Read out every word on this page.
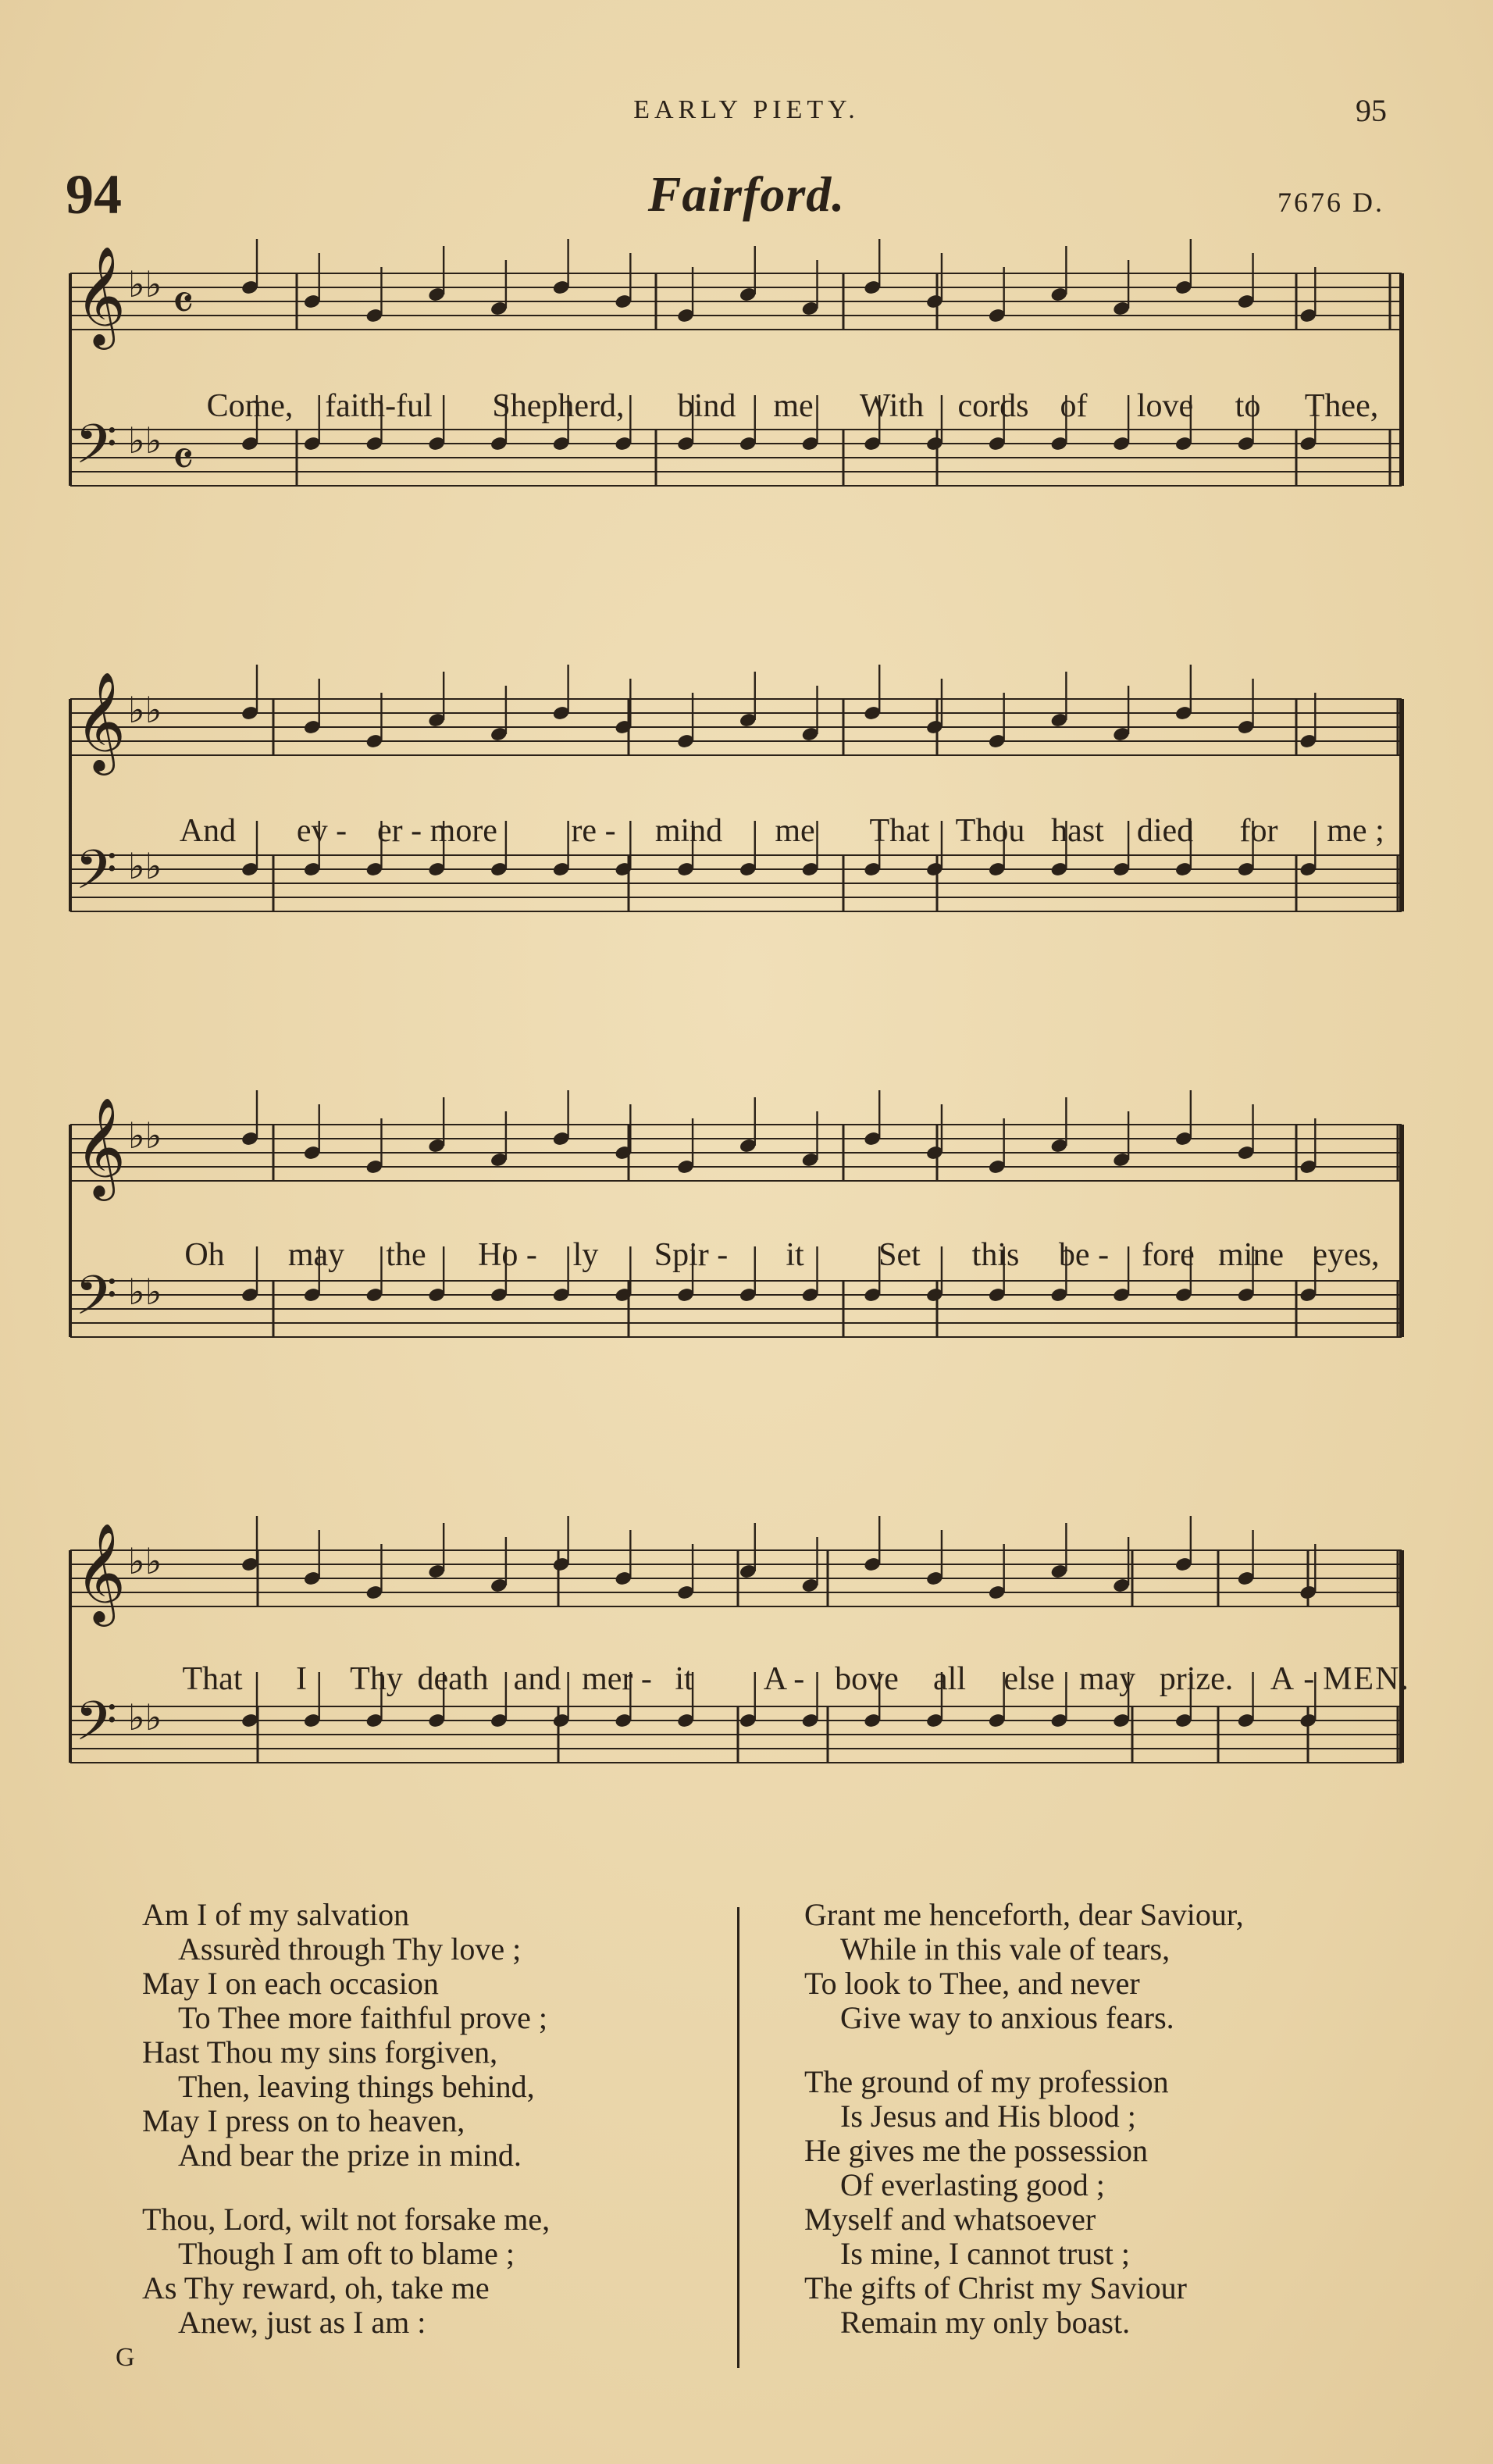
EARLY PIETY.	95
94	Fairford.	7676 D.
𝄞 ♭♭ 𝄴
𝄢 ♭♭ 𝄴
𝄞 ♭♭
𝄢 ♭♭
𝄞 ♭♭
𝄢 ♭♭
𝄞 ♭♭
𝄢 ♭♭
Come, faith-ful Shepherd, bind me With cords of love to Thee,
And ev - er - more re - mind me That Thou hast died for me ;
Oh may the Ho - ly Spir - it Set this be - fore mine eyes,
That I Thy death and mer - it A - bove all else may prize. A - MEN.
Am I of my salvation
Assurèd through Thy love ;
May I on each occasion
To Thee more faithful prove ;
Hast Thou my sins forgiven,
Then, leaving things behind,
May I press on to heaven,
And bear the prize in mind.
Thou, Lord, wilt not forsake me,
Though I am oft to blame ;
As Thy reward, oh, take me
Anew, just as I am :
Grant me henceforth, dear Saviour,
While in this vale of tears,
To look to Thee, and never
Give way to anxious fears.
The ground of my profession
Is Jesus and His blood ;
He gives me the possession
Of everlasting good ;
Myself and whatsoever
Is mine, I cannot trust ;
The gifts of Christ my Saviour
Remain my only boast.
G
